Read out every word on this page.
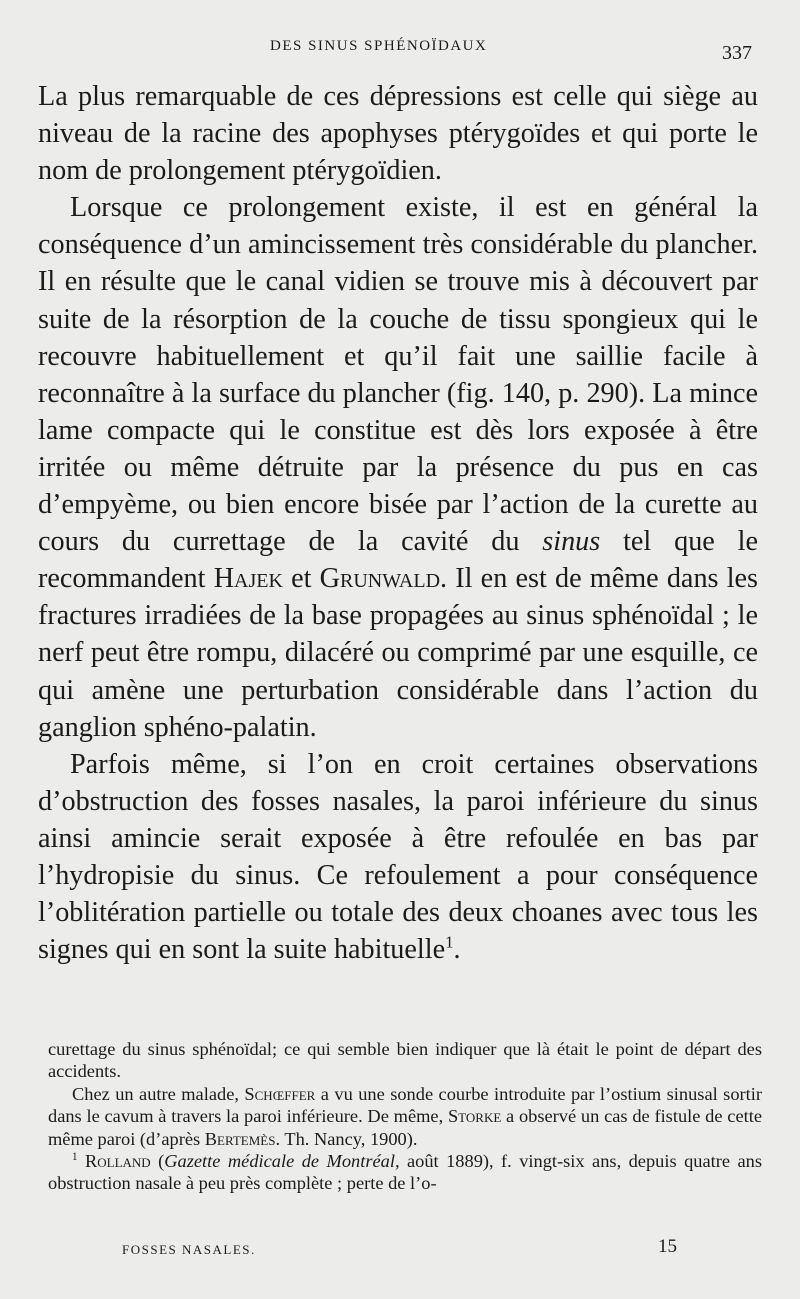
DES SINUS SPHÉNOÏDAUX	337

La plus remarquable de ces dépressions est celle qui siège au niveau de la racine des apophyses ptérygoïdes et qui porte le nom de prolongement ptérygoïdien.

Lorsque ce prolongement existe, il est en général la conséquence d’un amincissement très considérable du plancher. Il en résulte que le canal vidien se trouve mis à découvert par suite de la résorption de la couche de tissu spongieux qui le recouvre habituellement et qu’il fait une saillie facile à reconnaître à la surface du plancher (fig. 140, p. 290). La mince lame compacte qui le constitue est dès lors exposée à être irritée ou même détruite par la présence du pus en cas d’empyème, ou bien encore bisée par l’action de la curette au cours du currettage de la cavité du sinus tel que le recommandent Hajek et Grunwald. Il en est de même dans les fractures irradiées de la base propagées au sinus sphénoïdal ; le nerf peut être rompu, dilacéré ou comprimé par une esquille, ce qui amène une perturbation considérable dans l’action du ganglion sphéno-palatin.

Parfois même, si l’on en croit certaines observations d’obstruction des fosses nasales, la paroi inférieure du sinus ainsi amincie serait exposée à être refoulée en bas par l’hydropisie du sinus. Ce refoulement a pour conséquence l’oblitération partielle ou totale des deux choanes avec tous les signes qui en sont la suite habituelle$^1$.

curettage du sinus sphénoïdal; ce qui semble bien indiquer que là était le point de départ des accidents.

Chez un autre malade, Schœffer a vu une sonde courbe introduite par l’ostium sinusal sortir dans le cavum à travers la paroi inférieure. De même, Storke a observé un cas de fistule de cette même paroi (d’après Bertemès. Th. Nancy, 1900).

$^1$ Rolland (Gazette médicale de Montréal, août 1889), f. vingt-six ans, depuis quatre ans obstruction nasale à peu près complète ; perte de l’o-

FOSSES NASALES.	15
